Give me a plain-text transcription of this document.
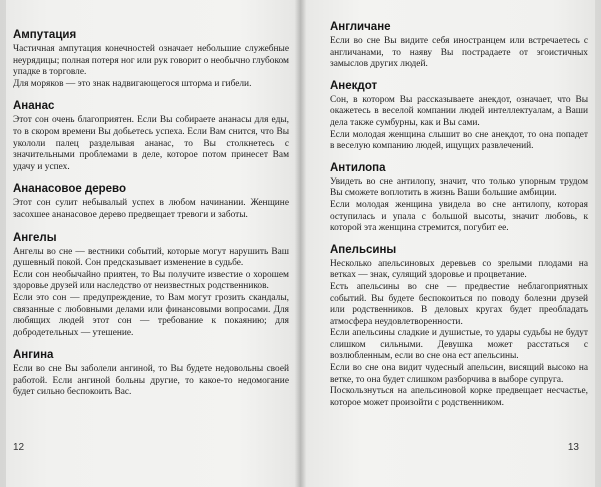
Ампутация

Частичная ампутация конечностей означает небольшие служебные неурядицы; полная потеря ног или рук говорит о необычно глубоком упадке в торговле.

Для моряков — это знак надвигающегося шторма и гибели.

Ананас

Этот сон очень благоприятен. Если Вы собираете ананасы для еды, то в скором времени Вы добьетесь успеха. Если Вам снится, что Вы укололи палец разделывая ананас, то Вы столкнетесь с значительными проблемами в деле, которое потом принесет Вам удачу и успех.

Ананасовое дерево

Этот сон сулит небывалый успех в любом начинании. Женщине засохшее ананасовое дерево предвещает тревоги и заботы.

Ангелы

Ангелы во сне — вестники событий, которые могут нарушить Ваш душевный покой. Сон предсказывает изменение в судьбе.

Если сон необычайно приятен, то Вы получите известие о хорошем здоровье друзей или наследство от неизвестных родственников.

Если это сон — предупреждение, то Вам могут грозить скандалы, связанные с любовными делами или финансовыми вопросами. Для любящих людей этот сон — требование к покаянию; для добродетельных — утешение.

Ангина

Если во сне Вы заболели ангиной, то Вы будете недовольны своей работой. Если ангиной больны другие, то какое-то недомогание будет сильно беспокоить Вас.

12
Англичане

Если во сне Вы видите себя иностранцем или встречаетесь с англичанами, то наяву Вы пострадаете от эгоистичных замыслов других людей.

Анекдот

Сон, в котором Вы рассказываете анекдот, означает, что Вы окажетесь в веселой компании людей интеллектуалам, а Ваши дела также сумбурны, как и Вы сами.

Если молодая женщина слышит во сне анекдот, то она попадет в веселую компанию людей, ищущих развлечений.

Антилопа

Увидеть во сне антилопу, значит, что только упорным трудом Вы сможете воплотить в жизнь Ваши большие амбиции.

Если молодая женщина увидела во сне антилопу, которая оступилась и упала с большой высоты, значит любовь, к которой эта женщина стремится, погубит ее.

Апельсины

Несколько апельсиновых деревьев со зрелыми плодами на ветках — знак, сулящий здоровье и процветание.

Есть апельсины во сне — предвестие неблагоприятных событий. Вы будете беспокоиться по поводу болезни друзей или родственников. В деловых кругах будет преобладать атмосфера неудовлетворенности.

Если апельсины сладкие и душистые, то удары судьбы не будут слишком сильными. Девушка может расстаться с возлюбленным, если во сне она ест апельсины.

Если во сне она видит чудесный апельсин, висящий высоко на ветке, то она будет слишком разборчива в выборе супруга.

Поскользнуться на апельсиновой корке предвещает несчастье, которое может произойти с родственником.

13
